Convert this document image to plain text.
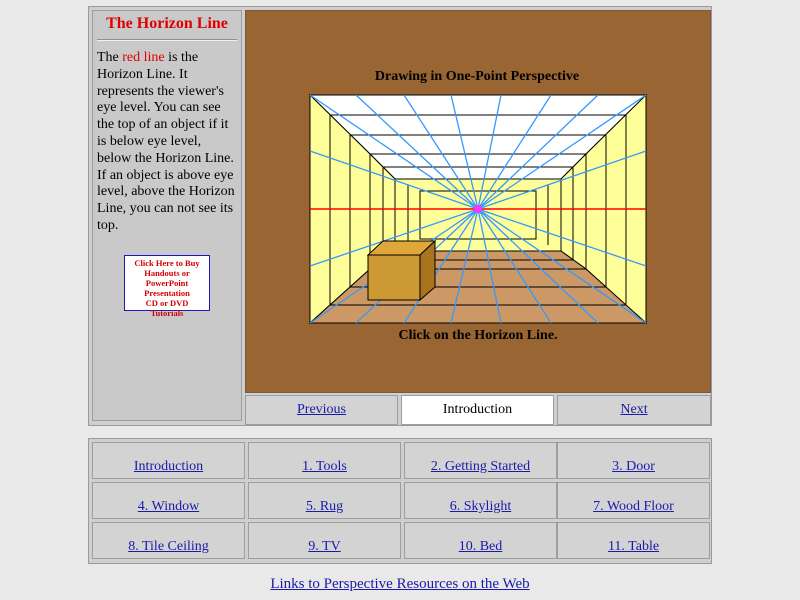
The Horizon Line
The red line is the Horizon Line. It represents the viewer's eye level. You can see the top of an object if it is below eye level, below the Horizon Line. If an object is above eye level, above the Horizon Line, you can not see its top.
Click Here to Buy
Handouts or
PowerPoint Presentation
CD or DVD
Tutorials
Drawing in One-Point Perspective
Click on the Horizon Line.
Previous	Introduction	Next
Introduction	1. Tools	2. Getting Started	3. Door
4. Window	5. Rug	6. Skylight	7. Wood Floor
8. Tile Ceiling	9. TV	10. Bed	11. Table
Links to Perspective Resources on the Web
